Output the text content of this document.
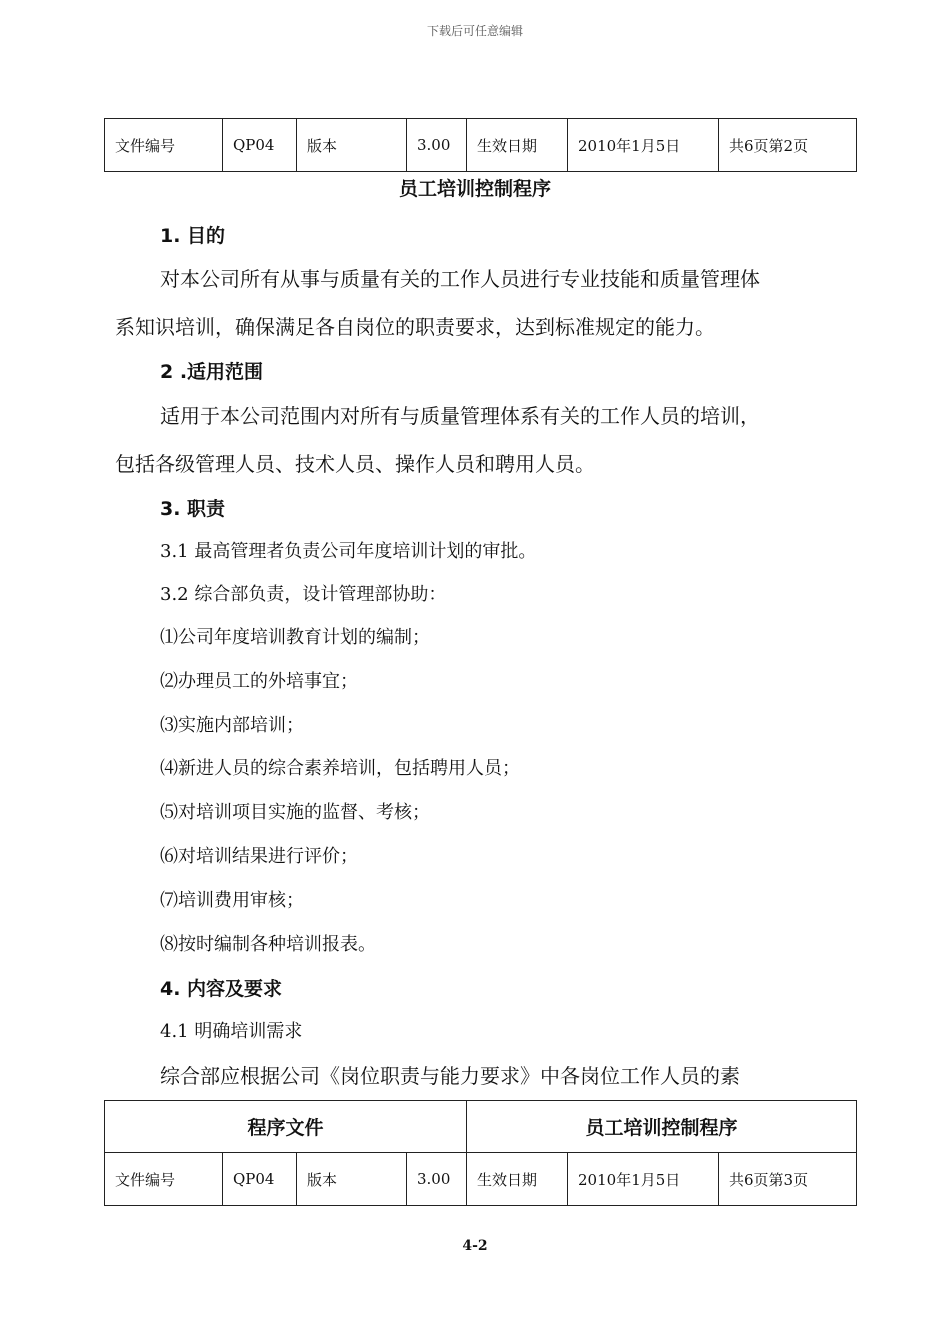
下载后可任意编辑
文件编号	QP04	版本	3.00	生效日期	2010年1月5日	共6页第2页
员工培训控制程序
1. 目的
对本公司所有从事与质量有关的工作人员进行专业技能和质量管理体
系知识培训，确保满足各自岗位的职责要求，达到标准规定的能力。
2 .适用范围
适用于本公司范围内对所有与质量管理体系有关的工作人员的培训，
包括各级管理人员、技术人员、操作人员和聘用人员。
3. 职责
3.1 最高管理者负责公司年度培训计划的审批。
3.2 综合部负责，设计管理部协助：
⑴公司年度培训教育计划的编制；
⑵办理员工的外培事宜；
⑶实施内部培训；
⑷新进人员的综合素养培训，包括聘用人员；
⑸对培训项目实施的监督、考核；
⑹对培训结果进行评价；
⑺培训费用审核；
⑻按时编制各种培训报表。
4. 内容及要求
4.1 明确培训需求
综合部应根据公司《岗位职责与能力要求》中各岗位工作人员的素
程序文件				员工培训控制程序		
文件编号	QP04	版本	3.00	生效日期	2010年1月5日	共6页第3页
4-2
